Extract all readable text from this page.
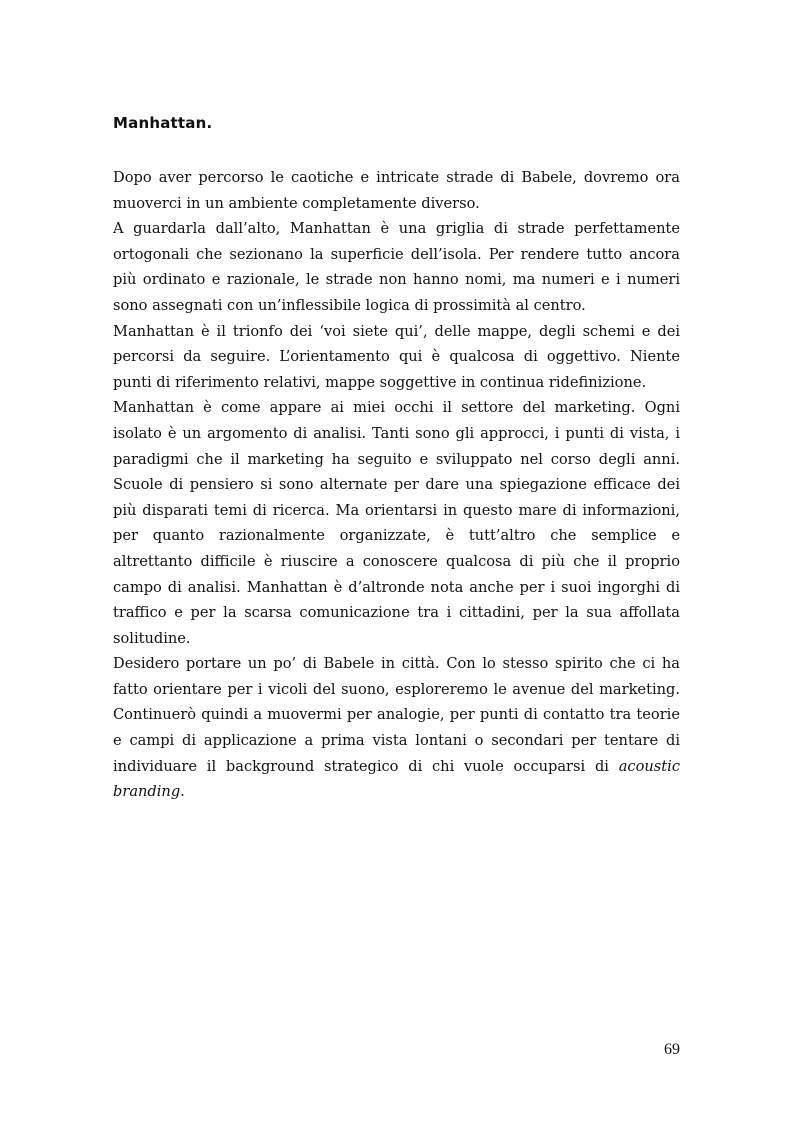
Manhattan.

Dopo aver percorso le caotiche e intricate strade di Babele, dovremo ora muoverci in un ambiente completamente diverso.

A guardarla dall’alto, Manhattan è una griglia di strade perfettamente ortogonali che sezionano la superficie dell’isola. Per rendere tutto ancora più ordinato e razionale, le strade non hanno nomi, ma numeri e i numeri sono assegnati con un’inflessibile logica di prossimità al centro.

Manhattan è il trionfo dei ‘voi siete qui’, delle mappe, degli schemi e dei percorsi da seguire. L’orientamento qui è qualcosa di oggettivo. Niente punti di riferimento relativi, mappe soggettive in continua ridefinizione.

Manhattan è come appare ai miei occhi il settore del marketing. Ogni isolato è un argomento di analisi. Tanti sono gli approcci, i punti di vista, i paradigmi che il marketing ha seguito e sviluppato nel corso degli anni. Scuole di pensiero si sono alternate per dare una spiegazione efficace dei più disparati temi di ricerca. Ma orientarsi in questo mare di informazioni, per quanto razionalmente organizzate, è tutt’altro che semplice e altrettanto difficile è riuscire a conoscere qualcosa di più che il proprio campo di analisi. Manhattan è d’altronde nota anche per i suoi ingorghi di traffico e per la scarsa comunicazione tra i cittadini, per la sua affollata solitudine.

Desidero portare un po’ di Babele in città. Con lo stesso spirito che ci ha fatto orientare per i vicoli del suono, esploreremo le avenue del marketing. Continuerò quindi a muovermi per analogie, per punti di contatto tra teorie e campi di applicazione a prima vista lontani o secondari per tentare di individuare il background strategico di chi vuole occuparsi di acoustic branding.

69
